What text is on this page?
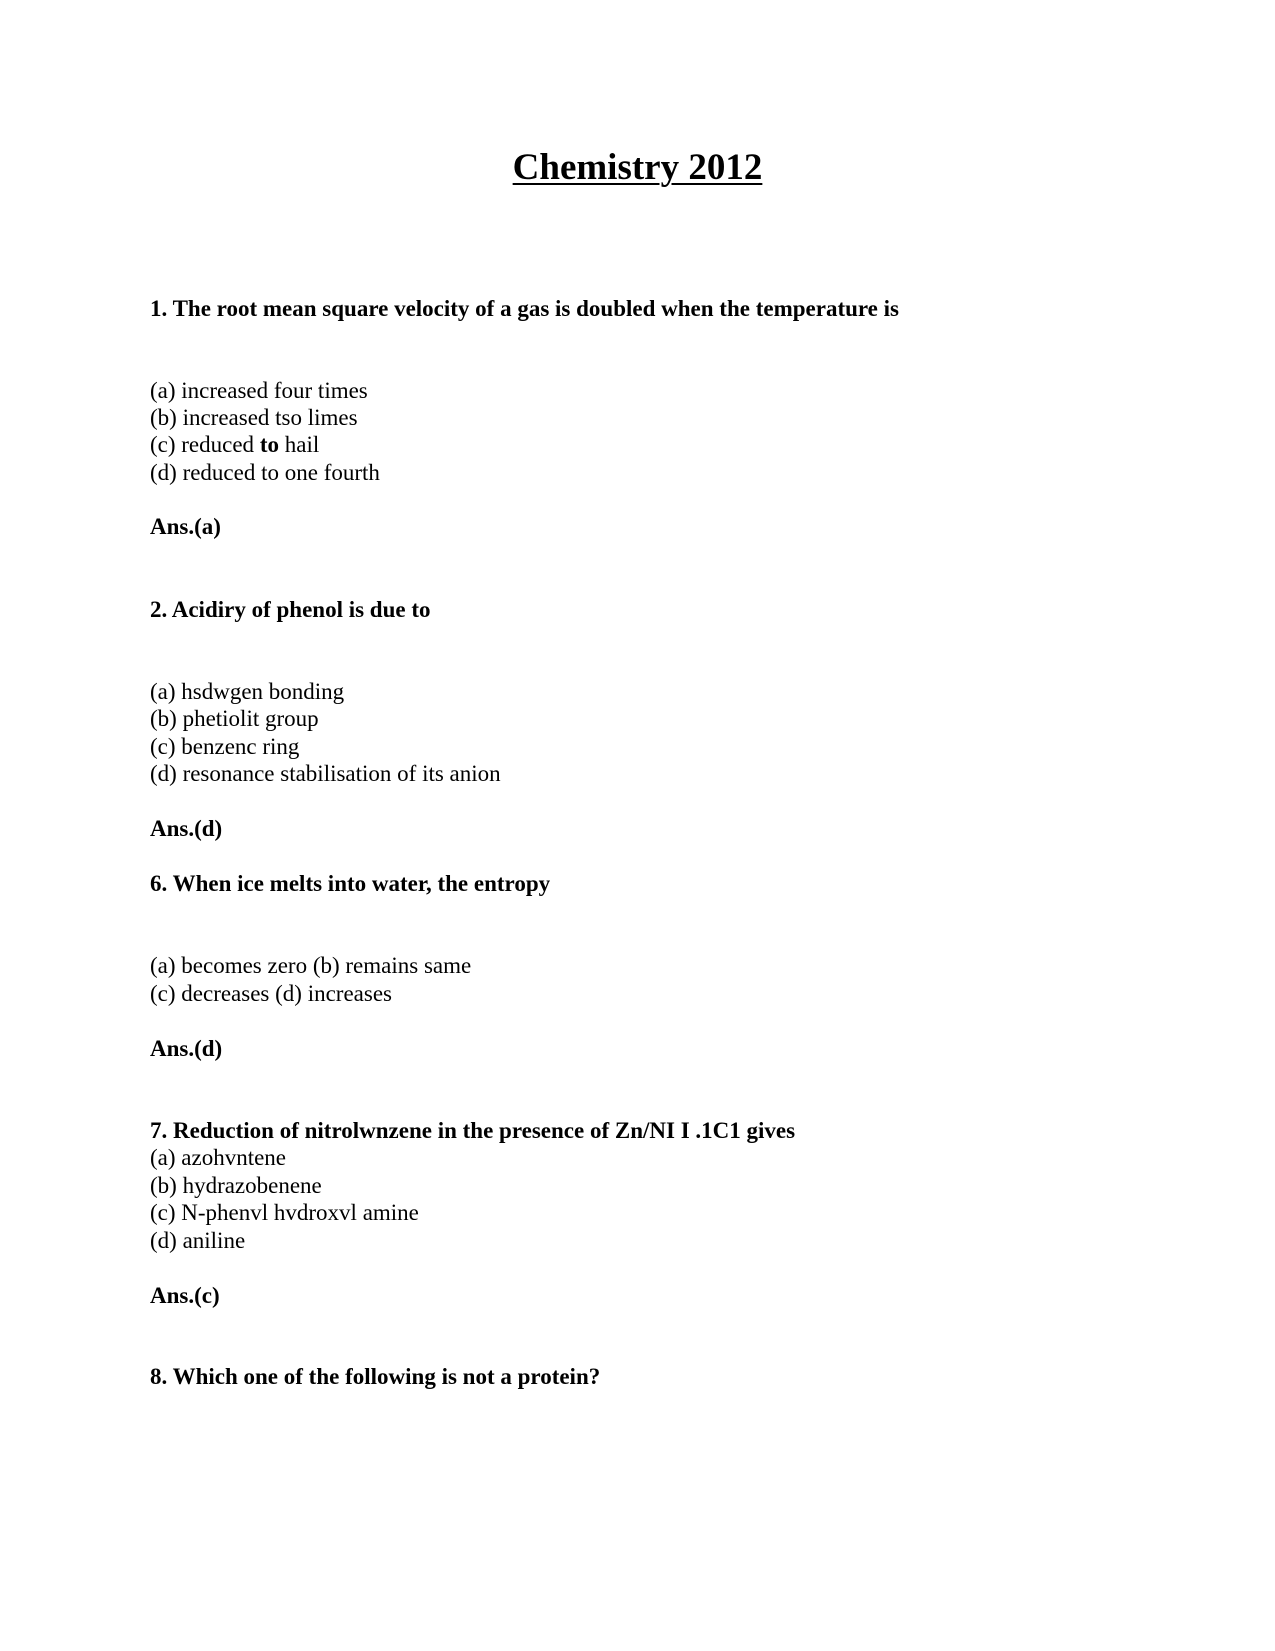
Chemistry 2012

1. The root mean square velocity of a gas is doubled when the temperature is

(a) increased four times

(b) increased tso limes

(c) reduced to hail

(d) reduced to one fourth

Ans.(a)

2. Acidiry of phenol is due to

(a) hsdwgen bonding

(b) phetiolit group

(c) benzenc ring

(d) resonance stabilisation of its anion

Ans.(d)

6. When ice melts into water, the entropy

(a) becomes zero (b) remains same

(c) decreases (d) increases

Ans.(d)

7. Reduction of nitrolwnzene in the presence of Zn/NI I .1C1 gives

(a) azohvntene

(b) hydrazobenene

(c) N-phenvl hvdroxvl amine

(d) aniline

Ans.(c)

8. Which one of the following is not a protein?
